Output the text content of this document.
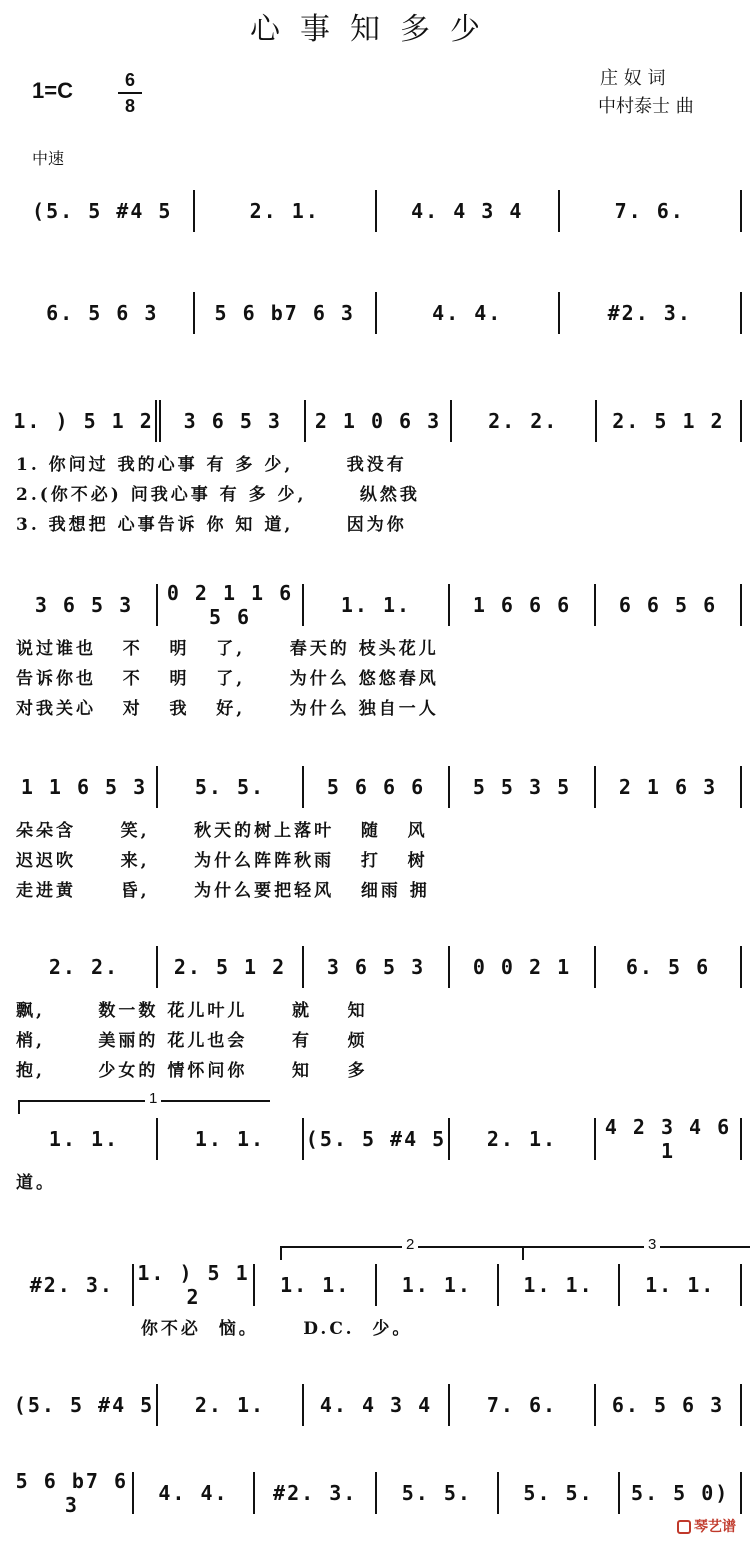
心事知多少
1=C	6
8
庄 奴 词
中村泰士 曲
中速
(5. 5 #4 5	2. 1.	4. 4 3 4	7. 6.
6. 5 6 3	5 6 b7 6 3	4. 4.	#2. 3.
1. ) 5 1 2	3 6 5 3	2 1 0 6 3	2. 2.	2. 5 1 2
1. 你问过 我的心事 有 多 少,      我没有
2.(你不必) 问我心事 有 多 少,      纵然我
3. 我想把 心事告诉 你 知 道,      因为你
3 6 5 3	0 2 1 1 6 5 6	1. 1.	1 6 6 6	6 6 5 6
说过谁也   不   明   了,     春天的 枝头花儿
告诉你也   不   明   了,     为什么 悠悠春风
对我关心   对   我   好,     为什么 独自一人
1 1 6 5 3	5. 5.	5 6 6 6	5 5 3 5	2 1 6 3
朵朵含     笑,     秋天的树上落叶   随   风
迟迟吹     来,     为什么阵阵秋雨   打   树
走进黄     昏,     为什么要把轻风   细雨 拥
2. 2.	2. 5 1 2	3 6 5 3	0 0 2 1	6. 5 6
飘,      数一数 花儿叶儿     就    知
梢,      美丽的 花儿也会     有    烦
抱,      少女的 情怀问你     知    多
1. 1.	1. 1.	(5. 5 #4 5	2. 1.	4 2 3 4 6 1
道。
1
#2. 3.	1. ) 5 1 2	1. 1.	1. 1.	1. 1.	1. 1.
你不必  恼。     D.C.  少。
2	3
(5. 5 #4 5	2. 1.	4. 4 3 4	7. 6.	6. 5 6 3
5 6 b7 6 3	4. 4.	#2. 3.	5. 5.	5. 5.	5. 5 0)
琴艺谱
